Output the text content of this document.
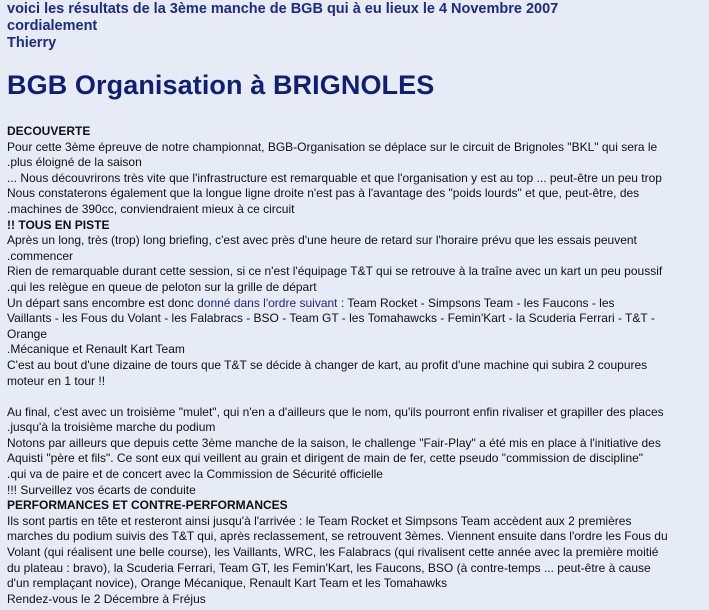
voici les résultats de la 3ème manche de BGB qui à eu lieux le 4 Novembre 2007
cordialement
Thierry
BGB Organisation à BRIGNOLES
DECOUVERTE
Pour cette 3ème épreuve de notre championnat, BGB-Organisation se déplace sur le circuit de Brignoles "BKL" qui sera le
.plus éloigné de la saison
... Nous découvrirons très vite que l'infrastructure est remarquable et que l'organisation y est au top ... peut-être un peu trop
Nous constaterons également que la longue ligne droite n'est pas à l'avantage des "poids lourds" et que, peut-être, des
.machines de 390cc, conviendraient mieux à ce circuit
!! TOUS EN PISTE
Après un long, très (trop) long briefing, c'est avec près d'une heure de retard sur l'horaire prévu que les essais peuvent
.commencer
Rien de remarquable durant cette session, si ce n'est l'équipage T&T qui se retrouve à la traîne avec un kart un peu poussif
.qui les relègue en queue de peloton sur la grille de départ
Un départ sans encombre est donc donné dans l'ordre suivant : Team Rocket - Simpsons Team - les Faucons - les
Vaillants - les Fous du Volant - les Falabracs - BSO - Team GT - les Tomahawcks - Femin'Kart - la Scuderia Ferrari - T&T -
Orange
.Mécanique et Renault Kart Team
C'est au bout d'une dizaine de tours que T&T se décide à changer de kart, au profit d'une machine qui subira 2 coupures
moteur en 1 tour !!
Au final, c'est avec un troisième "mulet", qui n'en a d'ailleurs que le nom, qu'ils pourront enfin rivaliser et grapiller des places
.jusqu'à la troisième marche du podium
Notons par ailleurs que depuis cette 3ème manche de la saison, le challenge "Fair-Play" a été mis en place à l'initiative des
Aquisti "père et fils". Ce sont eux qui veillent au grain et dirigent de main de fer, cette pseudo "commission de discipline"
.qui va de paire et de concert avec la Commission de Sécurité officielle
!!! Surveillez vos écarts de conduite
PERFORMANCES ET CONTRE-PERFORMANCES
Ils sont partis en tête et resteront ainsi jusqu'à l'arrivée : le Team Rocket et Simpsons Team accèdent aux 2 premières
marches du podium suivis des T&T qui, après reclassement, se retrouvent 3èmes. Viennent ensuite dans l'ordre les Fous du
Volant (qui réalisent une belle course), les Vaillants, WRC, les Falabracs (qui rivalisent cette année avec la première moitié
du plateau : bravo), la Scuderia Ferrari, Team GT, les Femin'Kart, les Faucons, BSO (à contre-temps ... peut-être à cause
d'un remplaçant novice), Orange Mécanique, Renault Kart Team et les Tomahawks
Rendez-vous le 2 Décembre à Fréjus
